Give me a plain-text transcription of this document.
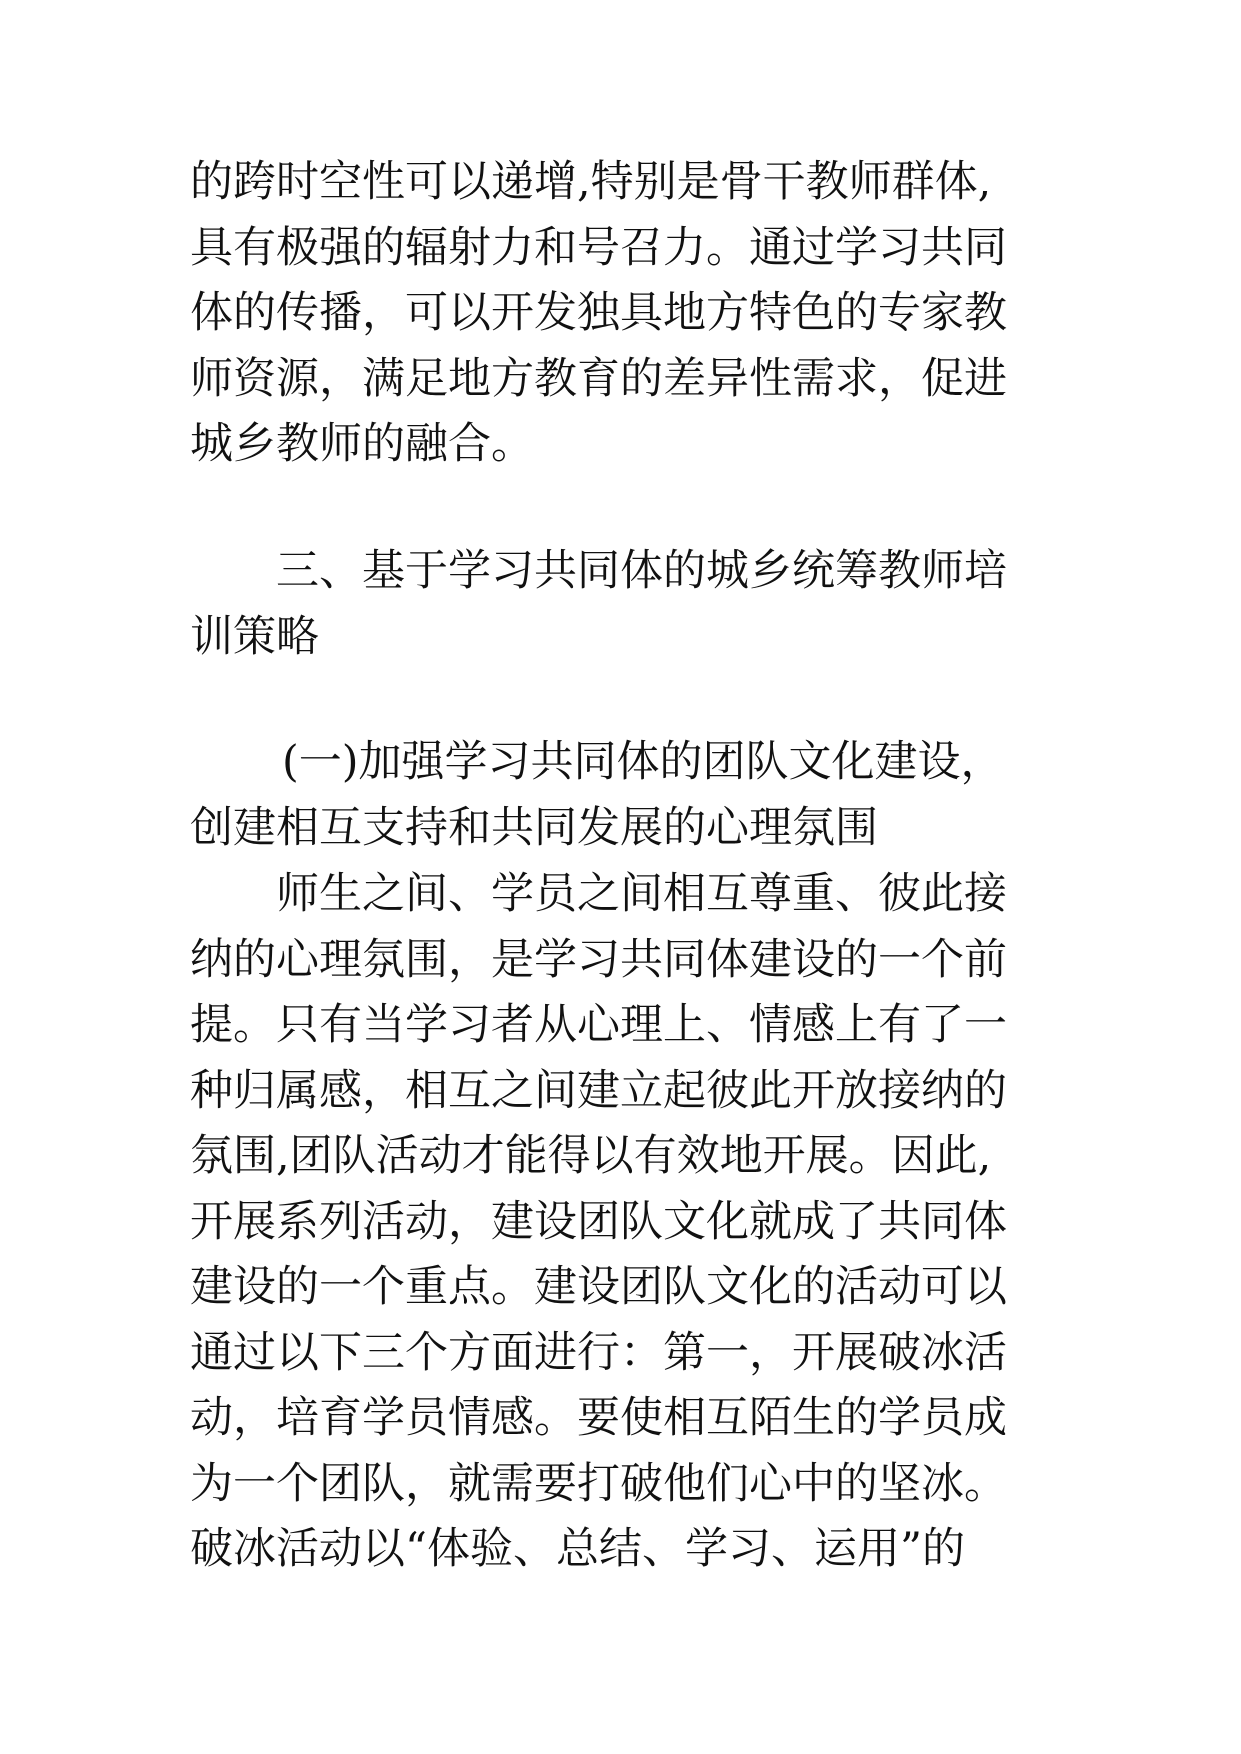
的跨时空性可以递增,特别是骨干教师群体,
具有极强的辐射力和号召力。通过学习共同
体的传播，可以开发独具地方特色的专家教
师资源，满足地方教育的差异性需求，促进
城乡教师的融合。
三、基于学习共同体的城乡统筹教师培
训策略
(一)加强学习共同体的团队文化建设，
创建相互支持和共同发展的心理氛围
师生之间、学员之间相互尊重、彼此接
纳的心理氛围，是学习共同体建设的一个前
提。只有当学习者从心理上、情感上有了一
种归属感，相互之间建立起彼此开放接纳的
氛围,团队活动才能得以有效地开展。因此,
开展系列活动，建设团队文化就成了共同体
建设的一个重点。建设团队文化的活动可以
通过以下三个方面进行：第一，开展破冰活
动，培育学员情感。要使相互陌生的学员成
为一个团队，就需要打破他们心中的坚冰。
破冰活动以“体验、总结、学习、运用”的
